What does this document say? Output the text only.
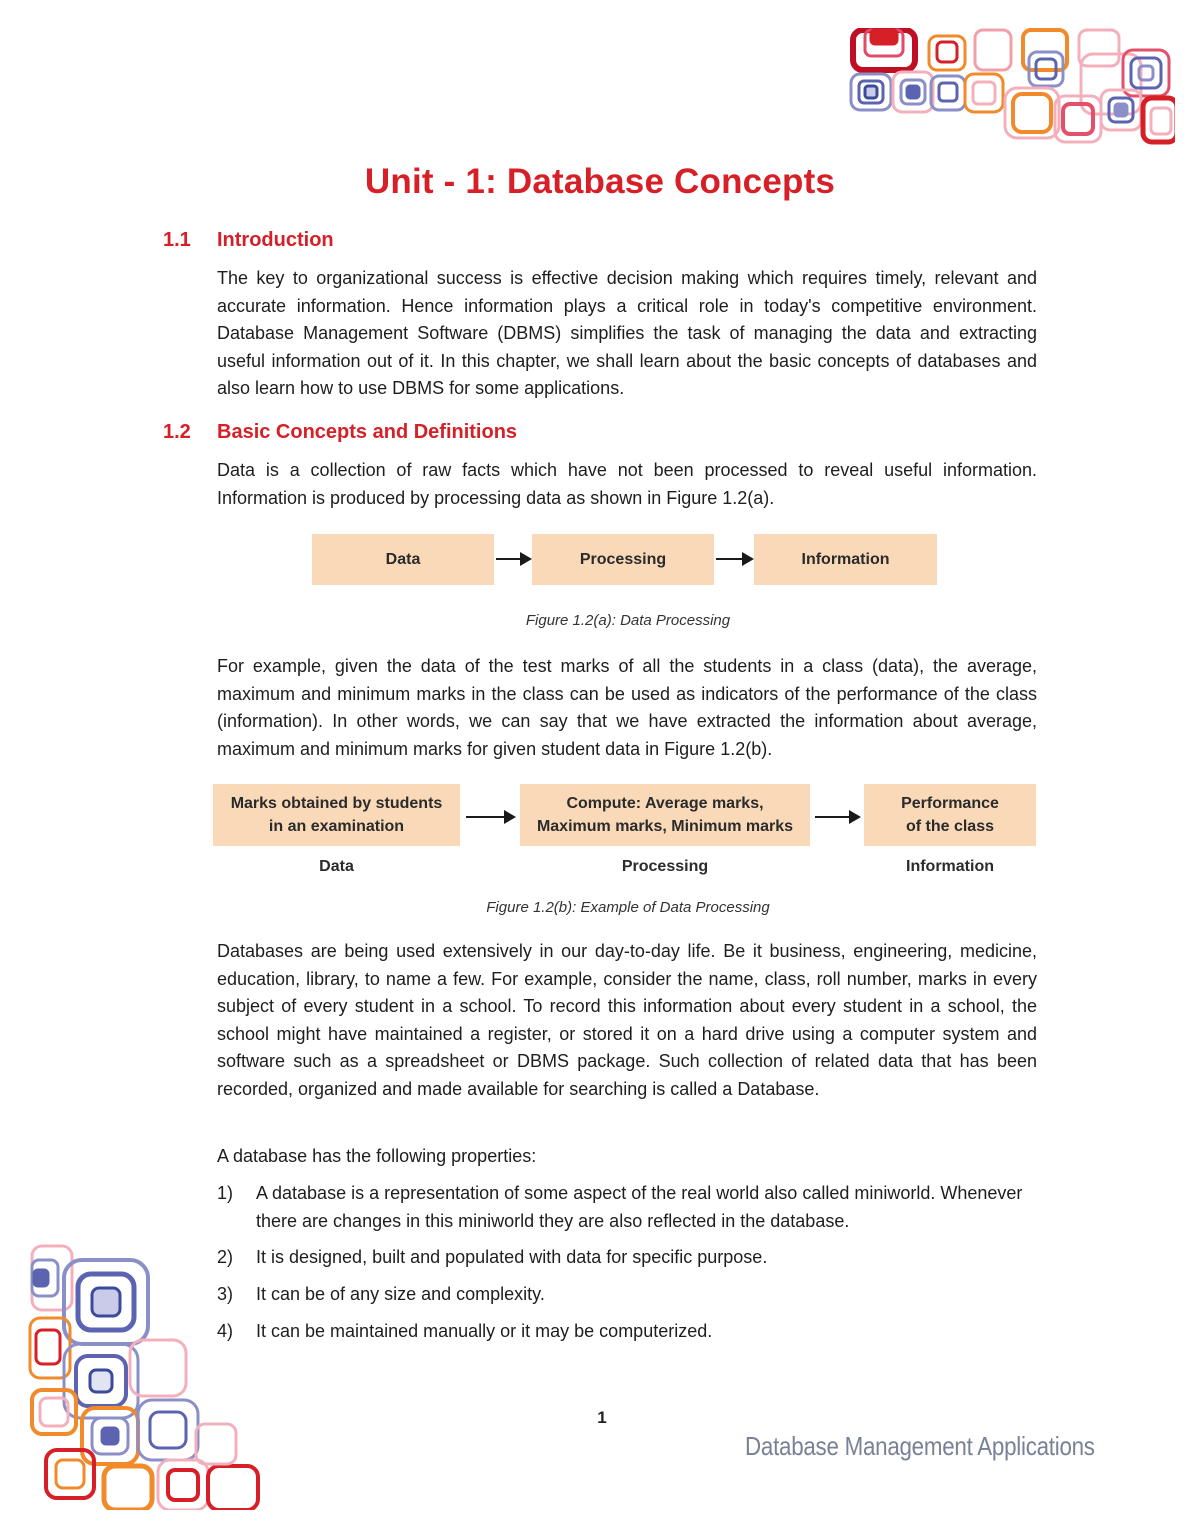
Unit - 1: Database Concepts
1.1 Introduction

The key to organizational success is effective decision making which requires timely, relevant and accurate information. Hence information plays a critical role in today's competitive environment. Database Management Software (DBMS) simplifies the task of managing the data and extracting useful information out of it. In this chapter, we shall learn about the basic concepts of databases and also learn how to use DBMS for some applications.

1.2 Basic Concepts and Definitions

Data is a collection of raw facts which have not been processed to reveal useful information. Information is produced by processing data as shown in Figure 1.2(a).

Data	Processing	Information
Figure 1.2(a): Data Processing

For example, given the data of the test marks of all the students in a class (data), the average, maximum and minimum marks in the class can be used as indicators of the performance of the class (information). In other words, we can say that we have extracted the information about average, maximum and minimum marks for given student data in Figure 1.2(b).

Marks obtained by students
in an examination
Compute: Average marks,
Maximum marks, Minimum marks
Performance
of the class
Data	Processing	Information
Figure 1.2(b): Example of Data Processing

Databases are being used extensively in our day-to-day life. Be it business, engineering, medicine, education, library, to name a few. For example, consider the name, class, roll number, marks in every subject of every student in a school. To record this information about every student in a school, the school might have maintained a register, or stored it on a hard drive using a computer system and software such as a spreadsheet or DBMS package. Such collection of related data that has been recorded, organized and made available for searching is called a Database.

A database has the following properties:

1) A database is a representation of some aspect of the real world also called miniworld. Whenever there are changes in this miniworld they are also reflected in the database.
2) It is designed, built and populated with data for specific purpose.
3) It can be of any size and complexity.
4) It can be maintained manually or it may be computerized.
1
Database Management Applications
